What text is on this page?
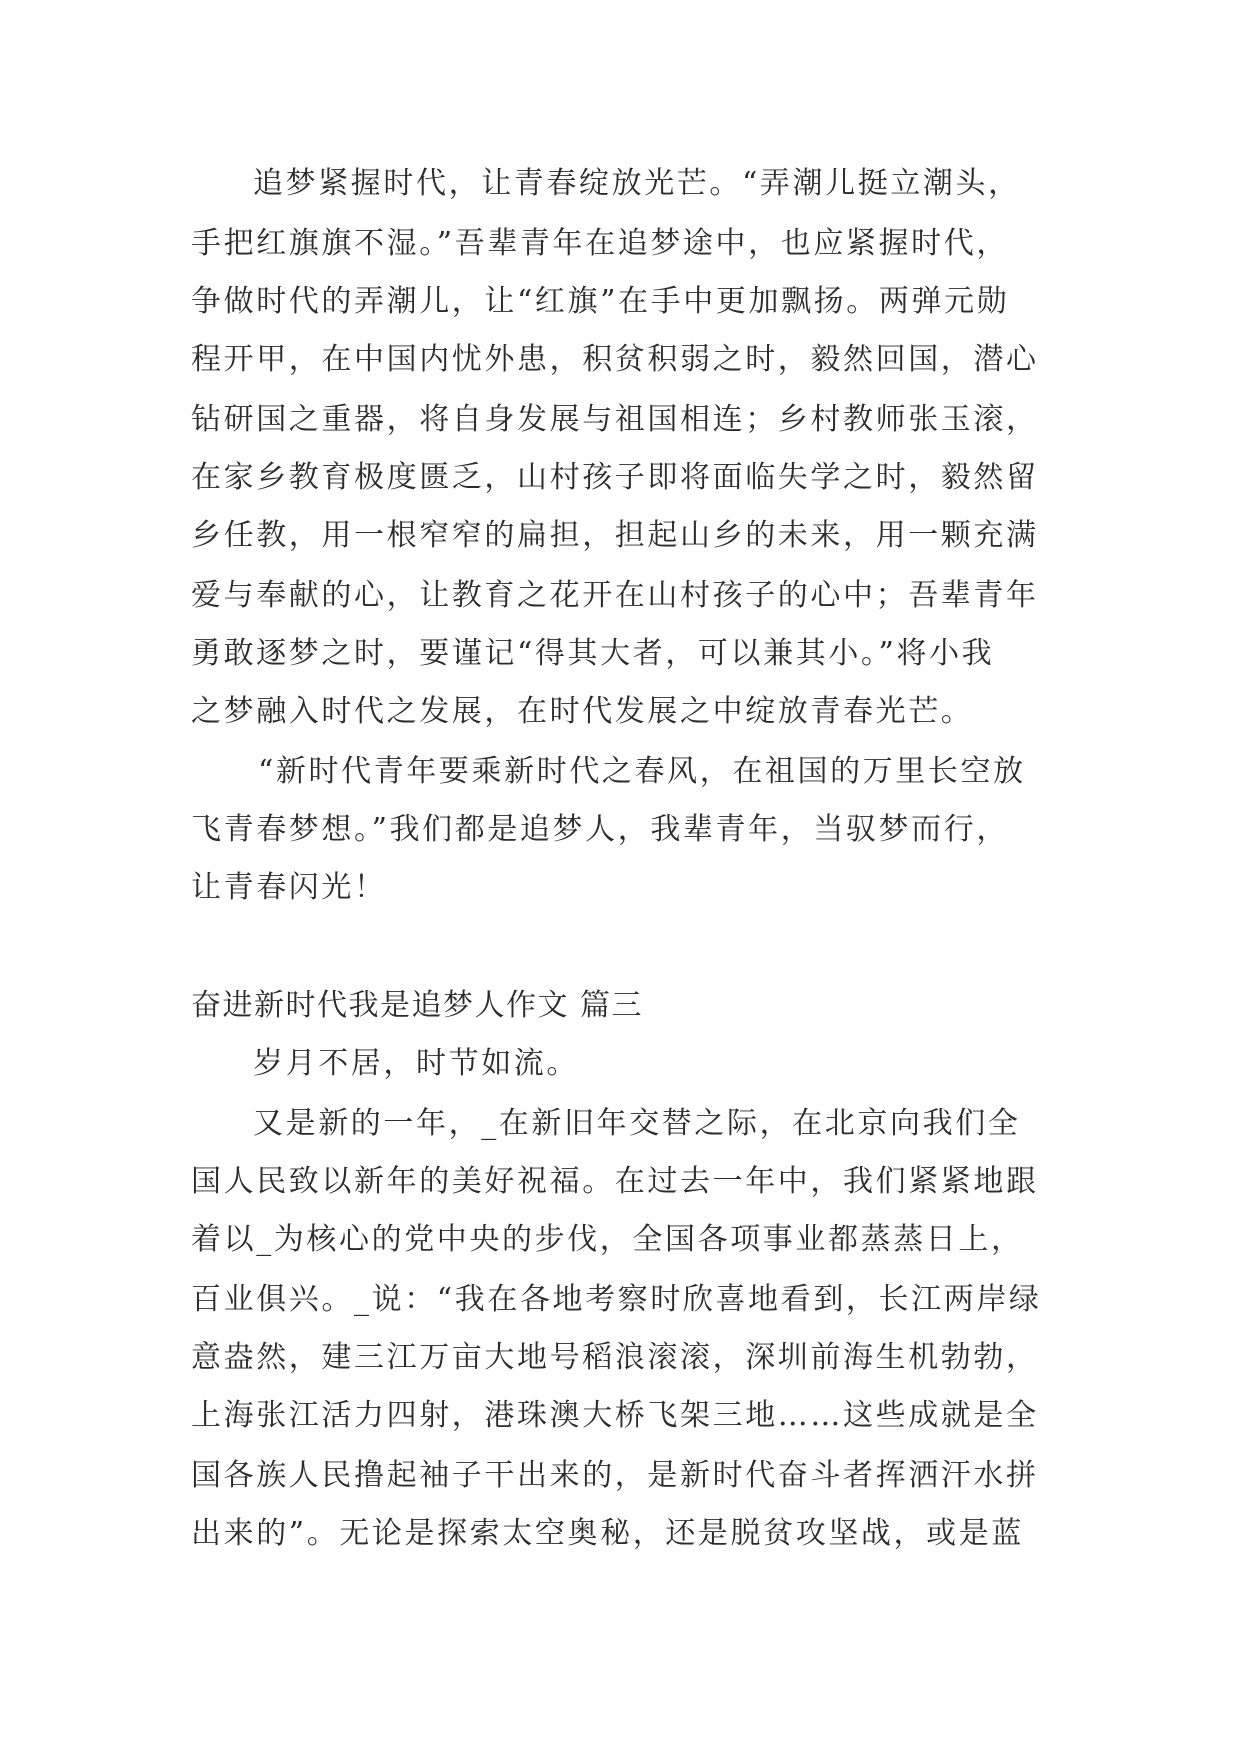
追梦紧握时代，让青春绽放光芒。“弄潮儿挺立潮头，
手把红旗旗不湿。”吾辈青年在追梦途中，也应紧握时代，
争做时代的弄潮儿，让“红旗”在手中更加飘扬。两弹元勋
程开甲，在中国内忧外患，积贫积弱之时，毅然回国，潜心
钻研国之重器，将自身发展与祖国相连；乡村教师张玉滚，
在家乡教育极度匮乏，山村孩子即将面临失学之时，毅然留
乡任教，用一根窄窄的扁担，担起山乡的未来，用一颗充满
爱与奉献的心，让教育之花开在山村孩子的心中；吾辈青年
勇敢逐梦之时，要谨记“得其大者，可以兼其小。”将小我
之梦融入时代之发展，在时代发展之中绽放青春光芒。
“新时代青年要乘新时代之春风，在祖国的万里长空放
飞青春梦想。”我们都是追梦人，我辈青年，当驭梦而行，
让青春闪光！
奋进新时代我是追梦人作文 篇三
岁月不居，时节如流。
又是新的一年，_在新旧年交替之际，在北京向我们全
国人民致以新年的美好祝福。在过去一年中，我们紧紧地跟
着以_为核心的党中央的步伐，全国各项事业都蒸蒸日上，
百业俱兴。_说：“我在各地考察时欣喜地看到，长江两岸绿
意盎然，建三江万亩大地号稻浪滚滚，深圳前海生机勃勃，
上海张江活力四射，港珠澳大桥飞架三地……这些成就是全
国各族人民撸起袖子干出来的，是新时代奋斗者挥洒汗水拼
出来的”。无论是探索太空奥秘，还是脱贫攻坚战，或是蓝
